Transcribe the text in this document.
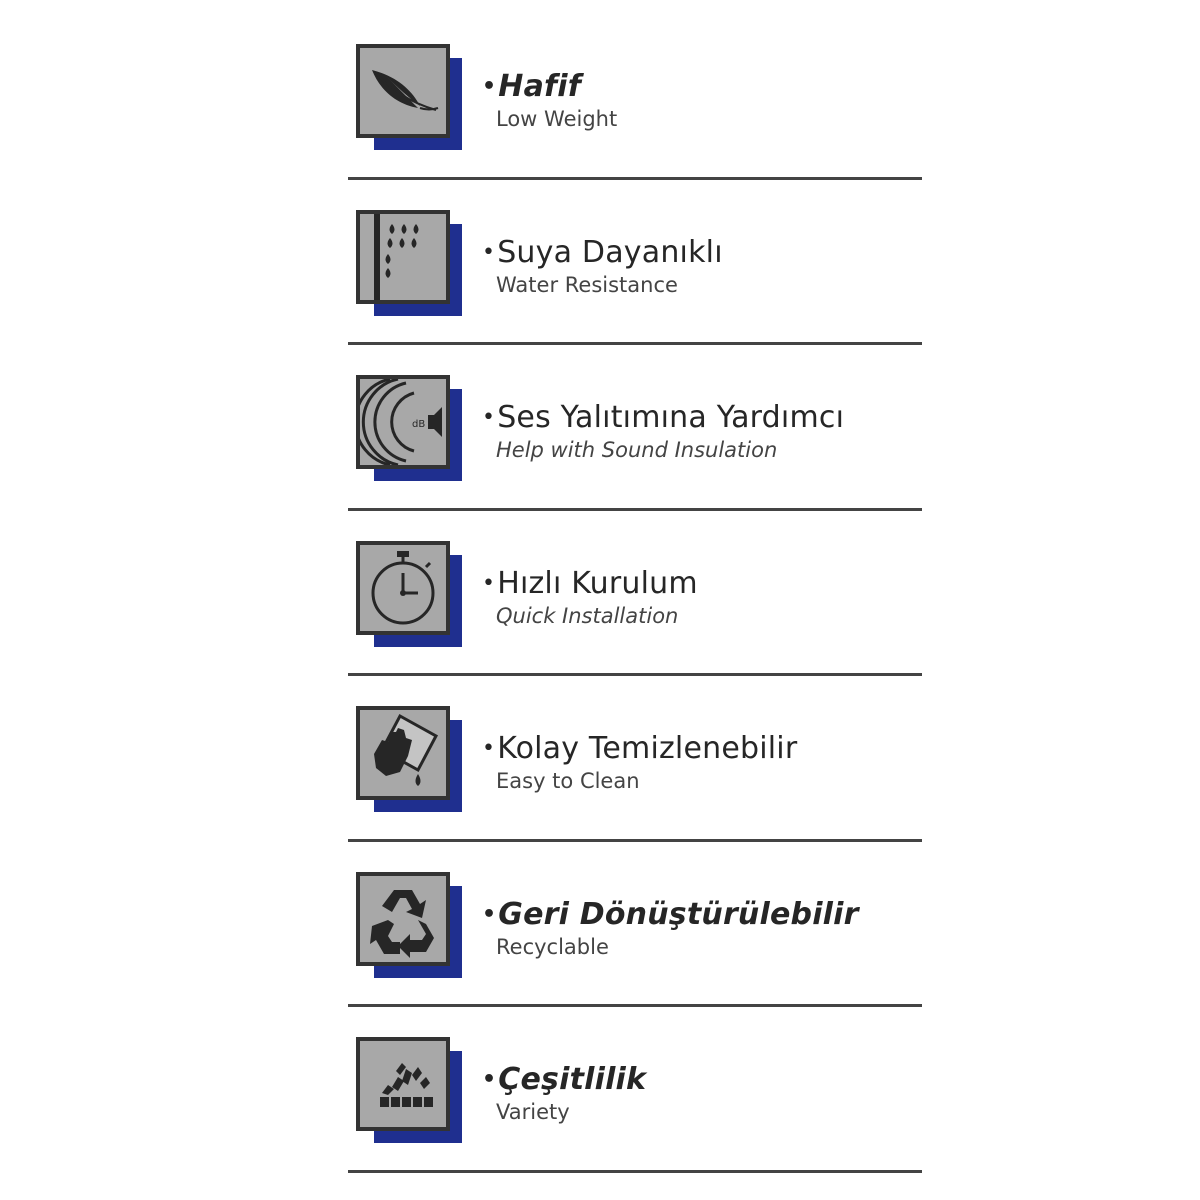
•Hafif
Low Weight
•Suya Dayanıklı
Water Resistance
dB	•Ses Yalıtımına Yardımcı
Help with Sound Insulation
•Hızlı Kurulum
Quick Installation
•Kolay Temizlenebilir
Easy to Clean
•Geri Dönüştürülebilir
Recyclable
•Çeşitlilik
Variety
